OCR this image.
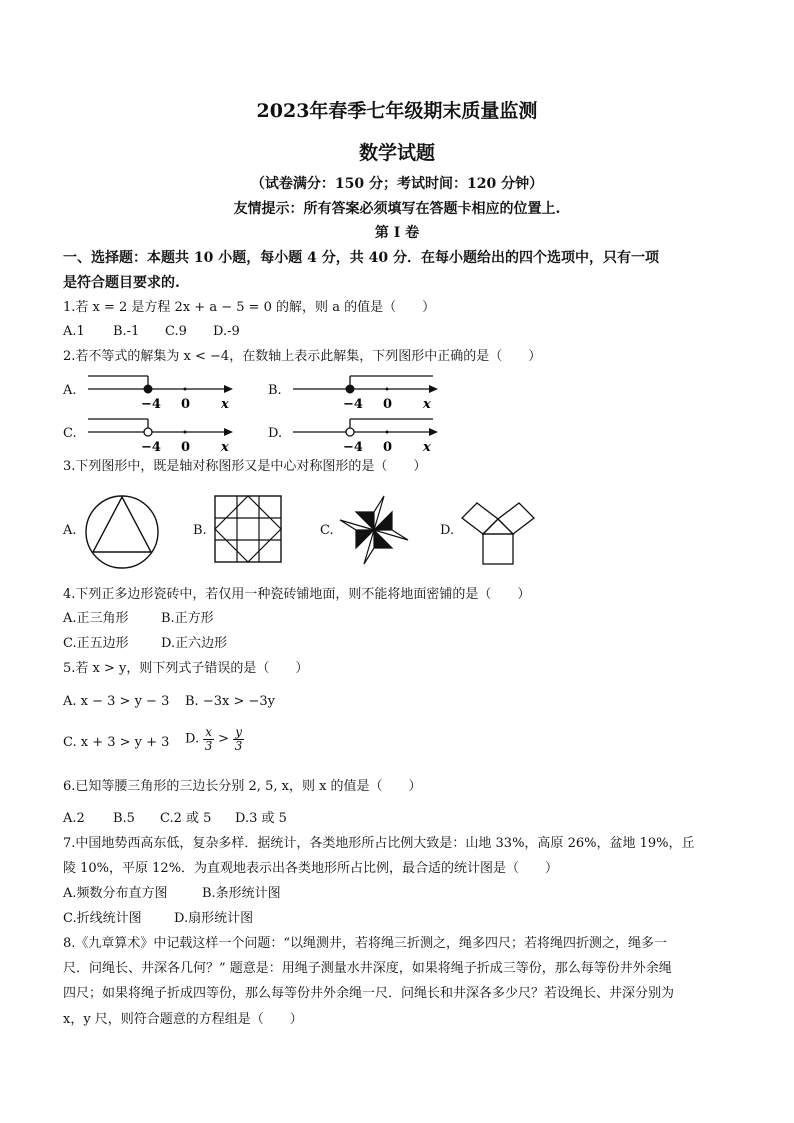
2023年春季七年级期末质量监测
数学试题
（试卷满分：150 分；考试时间：120 分钟）
友情提示：所有答案必须填写在答题卡相应的位置上.
第 I 卷
一、选择题：本题共 10 小题，每小题 4 分，共 40 分．在每小题给出的四个选项中，只有一项
是符合题目要求的.
1.若 x = 2 是方程 2x + a − 5 = 0 的解，则 a 的值是（　　）
A.1 B.-1 C.9 D.-9
2.若不等式的解集为 x < −4，在数轴上表示此解集，下列图形中正确的是（　　）
A.	B.
C.	D.
−4 0 x	−4 0 x
−4 0 x	−4 0 x
3.下列图形中，既是轴对称图形又是中心对称图形的是（　　）
A.	B.	C.	D.
4.下列正多边形瓷砖中，若仅用一种瓷砖铺地面，则不能将地面密铺的是（　　）
A.正三角形 B.正方形
C.正五边形 D.正六边形
5.若 x > y，则下列式子错误的是（　　）
A. x − 3 > y − 3 B. −3x > −3y
C. x + 3 > y + 3 D. $\frac{x}{3} > \frac{y}{3}$
6.已知等腰三角形的三边长分别 2, 5, x，则 x 的值是（　　）
A.2 B.5 C.2 或 5 D.3 或 5
7.中国地势西高东低，复杂多样．据统计，各类地形所占比例大致是：山地 33%，高原 26%，盆地 19%，丘
陵 10%，平原 12%．为直观地表示出各类地形所占比例，最合适的统计图是（　　）
A.频数分布直方图	B.条形统计图
C.折线统计图 D.扇形统计图
8.《九章算术》中记载这样一个问题：“以绳测井，若将绳三折测之，绳多四尺；若将绳四折测之，绳多一
尺．问绳长、井深各几何？” 题意是：用绳子测量水井深度，如果将绳子折成三等份，那么每等份井外余绳
四尺；如果将绳子折成四等份，那么每等份井外余绳一尺．问绳长和井深各多少尺？若设绳长、井深分别为
x，y 尺，则符合题意的方程组是（　　）
